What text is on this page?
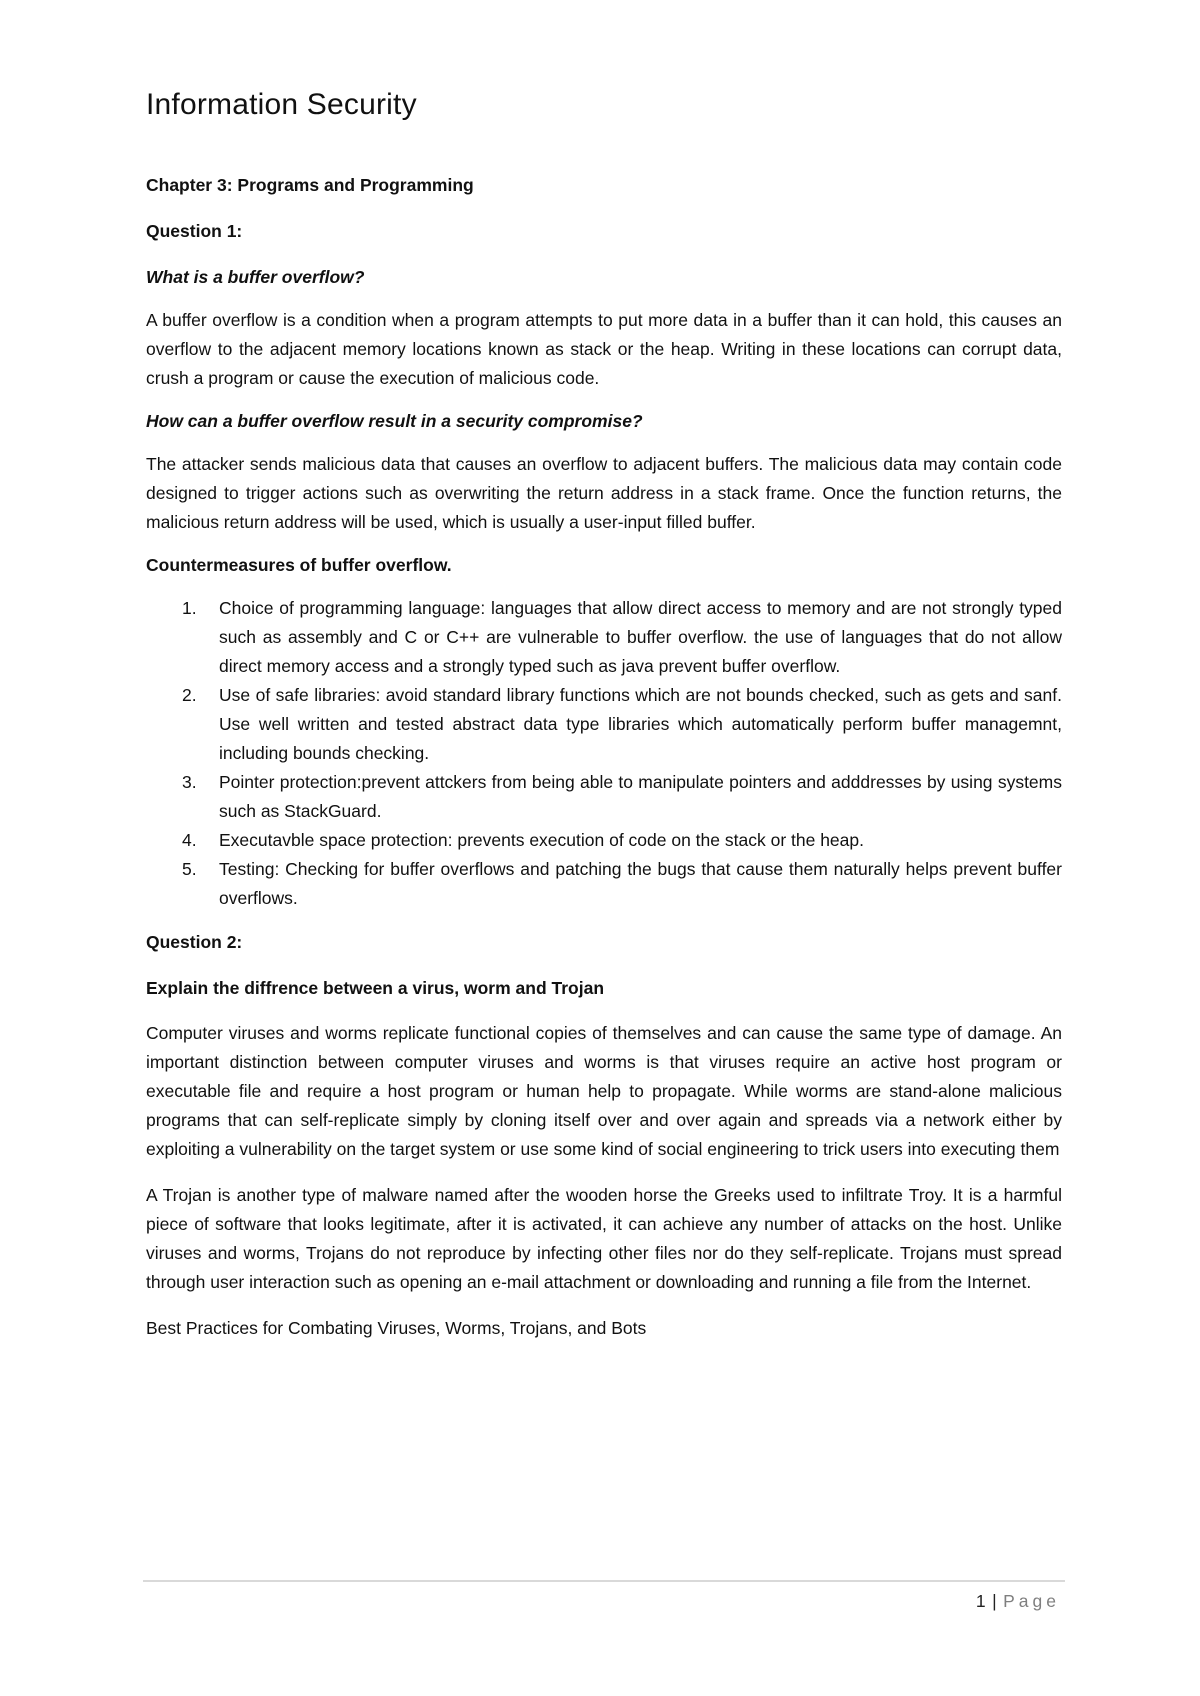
Information Security

Chapter 3: Programs and Programming

Question 1:

What is a buffer overflow?

A buffer overflow is a condition when a program attempts to put more data in a buffer than it can hold, this causes an overflow to the adjacent memory locations known as stack or the heap. Writing in these locations can corrupt data, crush a program or cause the execution of malicious code.

How can a buffer overflow result in a security compromise?

The attacker sends malicious data that causes an overflow to adjacent buffers. The malicious data may contain code designed to trigger actions such as overwriting the return address in a stack frame. Once the function returns, the malicious return address will be used, which is usually a user-input filled buffer.

Countermeasures of buffer overflow.

1. Choice of programming language: languages that allow direct access to memory and are not strongly typed such as assembly and C or C++ are vulnerable to buffer overflow. the use of languages that do not allow direct memory access and a strongly typed such as java prevent buffer overflow.
2. Use of safe libraries: avoid standard library functions which are not bounds checked, such as gets and sanf. Use well written and tested abstract data type libraries which automatically perform buffer managemnt, including bounds checking.
3. Pointer protection:prevent attckers from being able to manipulate pointers and adddresses by using systems such as StackGuard.
4. Executavble space protection: prevents execution of code on the stack or the heap.
5. Testing: Checking for buffer overflows and patching the bugs that cause them naturally helps prevent buffer overflows.

Question 2:

Explain the diffrence between a virus, worm and Trojan

Computer viruses and worms replicate functional copies of themselves and can cause the same type of damage. An important distinction between computer viruses and worms is that viruses require an active host program or executable file and require a host program or human help to propagate. While worms are stand-alone malicious programs that can self-replicate simply by cloning itself over and over again and spreads via a network either by exploiting a vulnerability on the target system or use some kind of social engineering to trick users into executing them

A Trojan is another type of malware named after the wooden horse the Greeks used to infiltrate Troy. It is a harmful piece of software that looks legitimate, after it is activated, it can achieve any number of attacks on the host. Unlike viruses and worms, Trojans do not reproduce by infecting other files nor do they self-replicate. Trojans must spread through user interaction such as opening an e-mail attachment or downloading and running a file from the Internet.

Best Practices for Combating Viruses, Worms, Trojans, and Bots

1 | Page
